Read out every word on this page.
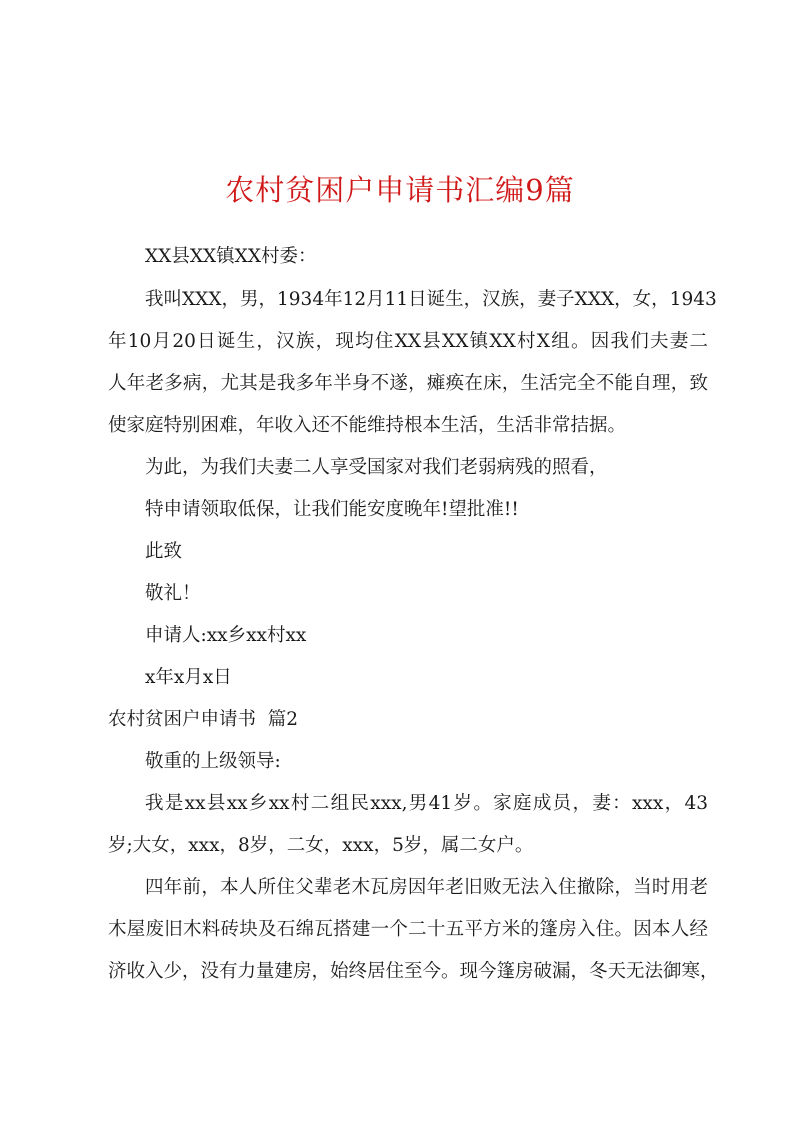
农村贫困户申请书汇编9篇

XX县XX镇XX村委：

我叫XXX，男，1934年12月11日诞生，汉族，妻子XXX，女，1943

年10月20日诞生，汉族，现均住XX县XX镇XX村X组。因我们夫妻二

人年老多病，尤其是我多年半身不遂，瘫痪在床，生活完全不能自理，致

使家庭特别困难，年收入还不能维持根本生活，生活非常拮据。

为此，为我们夫妻二人享受国家对我们老弱病残的照看，

特申请领取低保，让我们能安度晚年!望批准!!

此致

敬礼！

申请人:xx乡xx村xx

x年x月x日

农村贫困户申请书  篇2

敬重的上级领导:

我是xx县xx乡xx村二组民xxx,男41岁。家庭成员，妻：xxx，43

岁;大女，xxx，8岁，二女，xxx，5岁，属二女户。

四年前，本人所住父辈老木瓦房因年老旧败无法入住撤除，当时用老

木屋废旧木料砖块及石绵瓦搭建一个二十五平方米的篷房入住。因本人经

济收入少，没有力量建房，始终居住至今。现今篷房破漏，冬天无法御寒，
